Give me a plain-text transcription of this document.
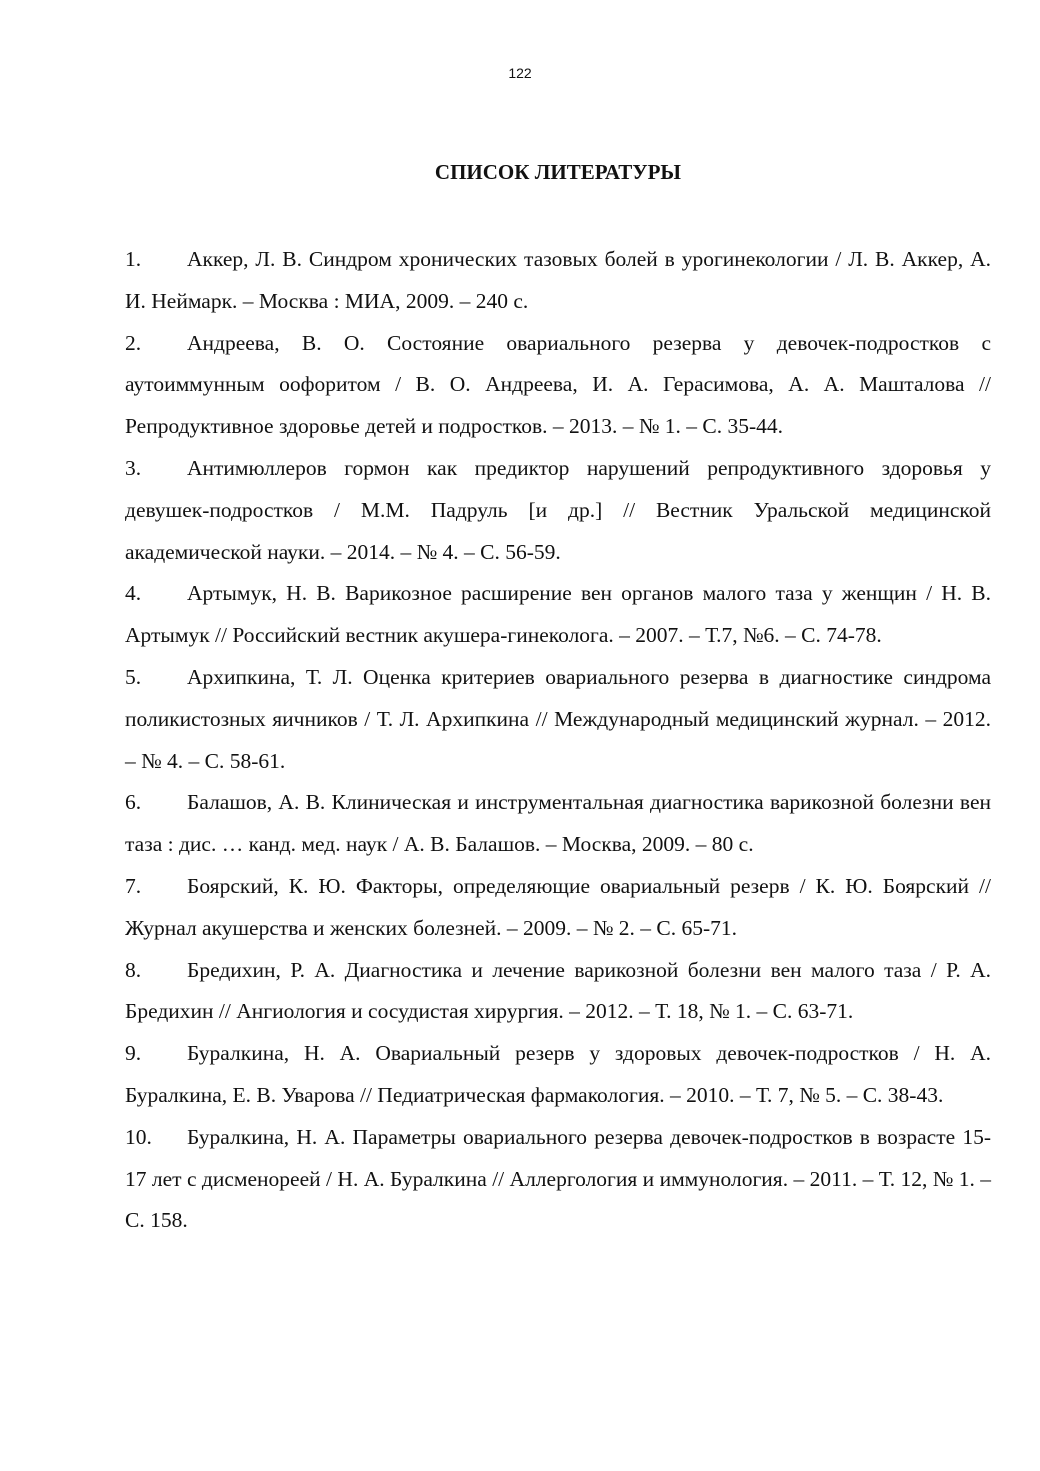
122
СПИСОК ЛИТЕРАТУРЫ
1. Аккер, Л. В. Синдром хронических тазовых болей в урогинекологии / Л. В. Аккер, А. И. Неймарк. – Москва : МИА, 2009. – 240 с.
2. Андреева, В. О. Состояние овариального резерва у девочек-подростков с аутоиммунным оофоритом / В. О. Андреева, И. А. Герасимова, А. А. Машталова // Репродуктивное здоровье детей и подростков. – 2013. – № 1. – С. 35-44.
3. Антимюллеров гормон как предиктор нарушений репродуктивного здоровья у девушек-подростков / М.М. Падруль [и др.] // Вестник Уральской медицинской академической науки. – 2014. – № 4. – С. 56-59.
4. Артымук, Н. В. Варикозное расширение вен органов малого таза у женщин / Н. В. Артымук // Российский вестник акушера-гинеколога. – 2007. – Т.7, №6. – С. 74-78.
5. Архипкина, Т. Л. Оценка критериев овариального резерва в диагностике синдрома поликистозных яичников / Т. Л. Архипкина // Международный медицинский журнал. – 2012. – № 4. – С. 58-61.
6. Балашов, А. В. Клиническая и инструментальная диагностика варикозной болезни вен таза : дис. … канд. мед. наук / А. В. Балашов. – Москва, 2009. – 80 с.
7. Боярский, К. Ю. Факторы, определяющие овариальный резерв / К. Ю. Боярский // Журнал акушерства и женских болезней. – 2009. – № 2. – С. 65-71.
8. Бредихин, Р. А. Диагностика и лечение варикозной болезни вен малого таза / Р. А. Бредихин // Ангиология и сосудистая хирургия. – 2012. – Т. 18, № 1. – С. 63-71.
9. Буралкина, Н. А. Овариальный резерв у здоровых девочек-подростков / Н. А. Буралкина, Е. В. Уварова // Педиатрическая фармакология. – 2010. – Т. 7, № 5. – С. 38-43.
10. Буралкина, Н. А. Параметры овариального резерва девочек-подростков в возрасте 15-17 лет с дисменореей / Н. А. Буралкина // Аллергология и иммунология. – 2011. – Т. 12, № 1. – С. 158.
